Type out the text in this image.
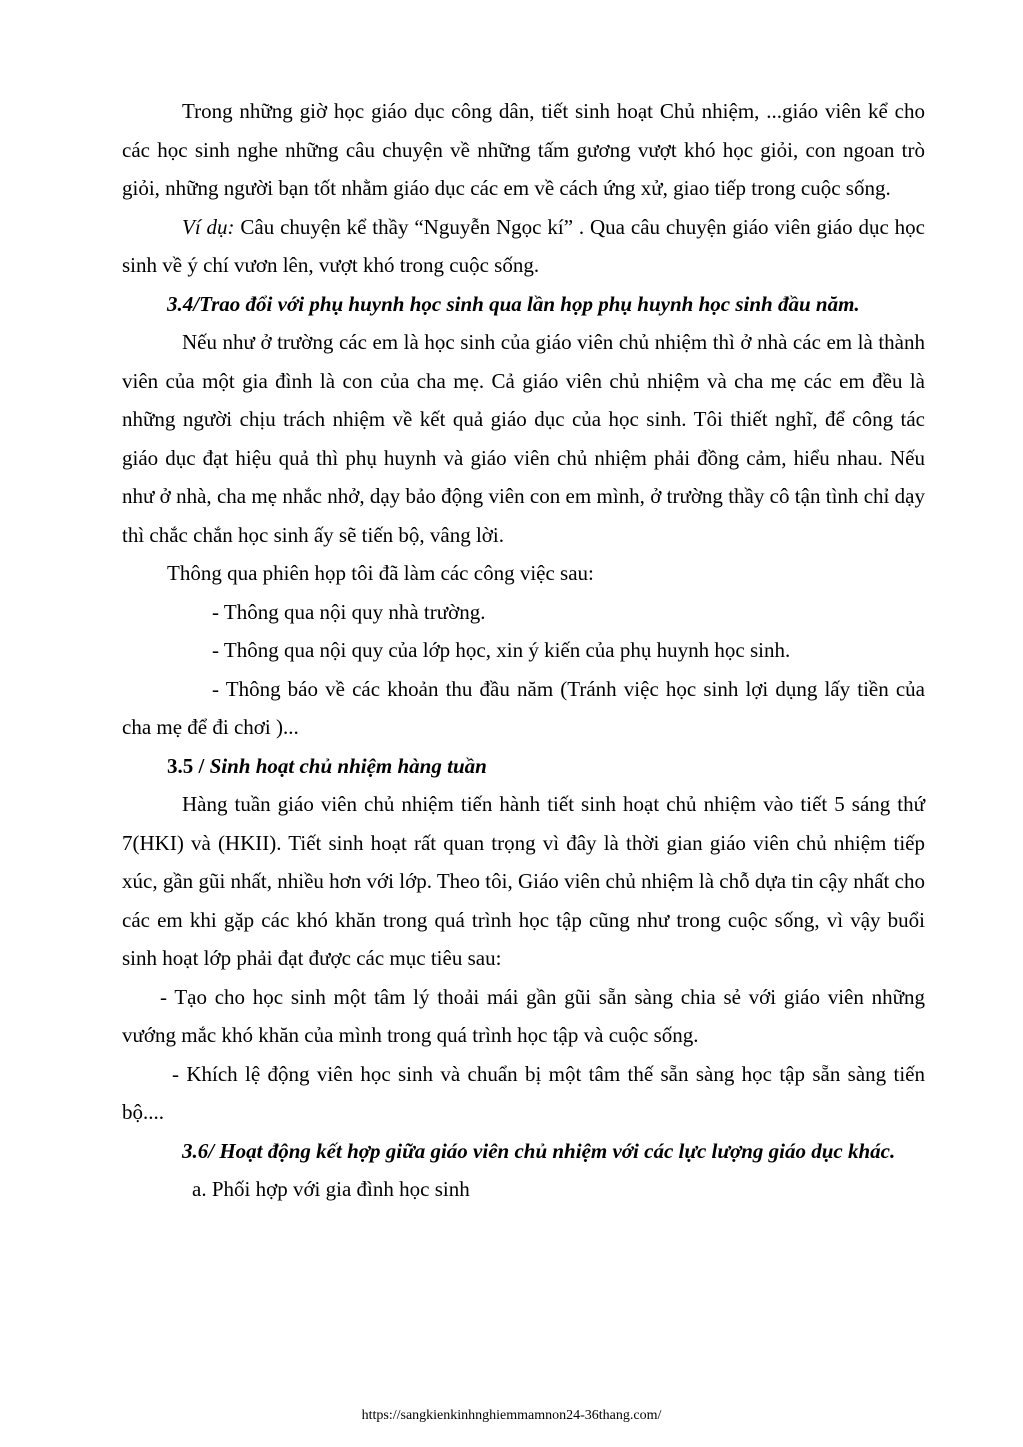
Trong những giờ học giáo dục công dân, tiết sinh hoạt Chủ nhiệm, ...giáo viên kể cho các học sinh nghe những câu chuyện về những tấm gương vượt khó học giỏi, con ngoan trò giỏi, những người bạn tốt nhằm giáo dục các em về cách ứng xử, giao tiếp trong cuộc sống.

Ví dụ: Câu chuyện kể thầy “Nguyễn Ngọc kí” . Qua câu chuyện giáo viên giáo dục học sinh về ý chí vươn lên, vượt khó trong cuộc sống.

3.4/Trao đổi với phụ huynh học sinh qua lần họp phụ huynh học sinh đầu năm.

Nếu như ở trường các em là học sinh của giáo viên chủ nhiệm thì ở nhà các em là thành viên của một gia đình là con của cha mẹ. Cả giáo viên chủ nhiệm và cha mẹ các em đều là những người chịu trách nhiệm về kết quả giáo dục của học sinh. Tôi thiết nghĩ, để công tác giáo dục đạt hiệu quả thì phụ huynh và giáo viên chủ nhiệm phải đồng cảm, hiểu nhau. Nếu như ở nhà, cha mẹ nhắc nhở, dạy bảo động viên con em mình, ở trường thầy cô tận tình chỉ dạy thì chắc chắn học sinh ấy sẽ tiến bộ, vâng lời.

Thông qua phiên họp tôi đã làm các công việc sau:

- Thông qua nội quy nhà trường.

- Thông qua nội quy của lớp học, xin ý kiến của phụ huynh học sinh.

- Thông báo về các khoản thu đầu năm (Tránh việc học sinh lợi dụng lấy tiền của cha mẹ để đi chơi )...

3.5 / Sinh hoạt chủ nhiệm hàng tuần

Hàng tuần giáo viên chủ nhiệm tiến hành tiết sinh hoạt chủ nhiệm vào tiết 5 sáng thứ 7(HKI) và (HKII). Tiết sinh hoạt rất quan trọng vì đây là thời gian giáo viên chủ nhiệm tiếp xúc, gần gũi nhất, nhiều hơn với lớp. Theo tôi, Giáo viên chủ nhiệm là chỗ dựa tin cậy nhất cho các em khi gặp các khó khăn trong quá trình học tập cũng như trong cuộc sống, vì vậy buổi sinh hoạt lớp phải đạt được các mục tiêu sau:

- Tạo cho học sinh một tâm lý thoải mái gần gũi sẵn sàng chia sẻ với giáo viên những vướng mắc khó khăn của mình trong quá trình học tập và cuộc sống.

- Khích lệ động viên học sinh và chuẩn bị một tâm thế sẵn sàng học tập sẵn sàng tiến bộ....

3.6/ Hoạt động kết hợp giữa giáo viên chủ nhiệm với các lực lượng giáo dục khác.

a. Phối hợp với gia đình học sinh

https://sangkienkinhnghiemmamnon24-36thang.com/
